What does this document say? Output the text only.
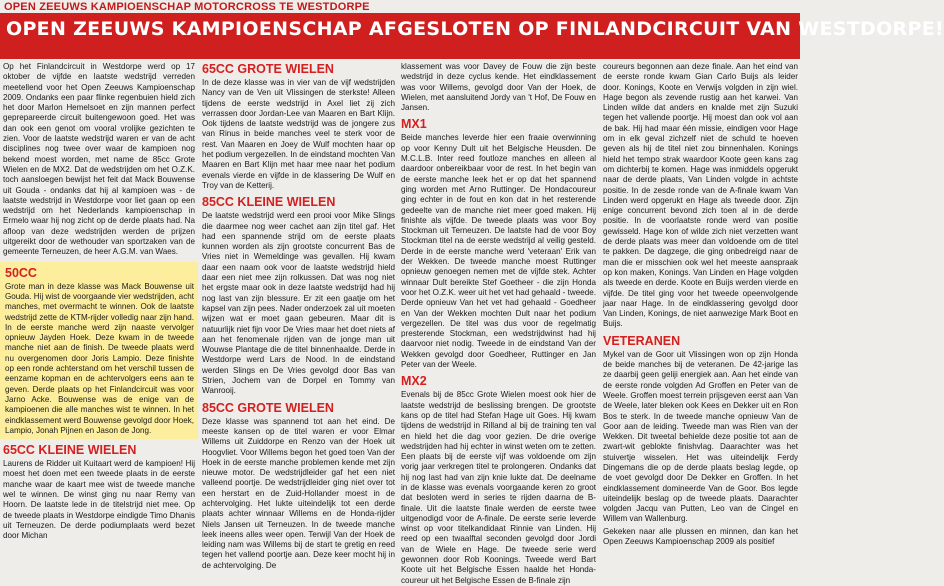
OPEN ZEEUWS KAMPIOENSCHAP MOTORCROSS TE WESTDORPE
OPEN ZEEUWS KAMPIOENSCHAP AFGESLOTEN OP FINLANDCIRCUIT VAN WESTDORPE!

Op het Finlandcircuit in Westdorpe werd op 17 oktober de vijfde en laatste wedstrijd verreden meetellend voor het Open Zeeuws Kampioenschap 2009. Ondanks een paar flinke regenbuien hield zich het door Marlon Hemelsoet en zijn mannen perfect geprepareerde circuit buitengewoon goed. Het was dan ook een genot om vooral vrolijke gezichten te zien. Voor de laatste wedstrijd waren er van de acht disciplines nog twee over waar de kampioen nog bekend moest worden, met name de 85cc Grote Wielen en de MX2. Dat de wedstrijden om het O.Z.K. toch aansloegen bewijst het feit dat Mack Bouwense uit Gouda - ondanks dat hij al kampioen was - de laatste wedstrijd in Westdorpe voor liet gaan op een wedstrijd om het Nederlands kampioenschap in Ermelo waar hij nog zicht op de derde plaats had. Na afloop van deze wedstrijden werden de prijzen uitgereikt door de wethouder van sportzaken van de gemeente Terneuzen, de heer A.G.M. van Waes.

50CC

Grote man in deze klasse was Mack Bouwense uit Gouda. Hij wist de voorgaande vier wedstrijden, acht manches, met overmacht te winnen. Ook de laatste wedstrijd zette de KTM-rijder volledig naar zijn hand. In de eerste manche werd zijn naaste vervolger opnieuw Jayden Hoek. Deze kwam in de tweede manche niet aan de finish. De tweede plaats werd nu overgenomen door Joris Lampio. Deze finishte op een ronde achterstand om het verschil tussen de eenzame kopman en de achtervolgers eens aan te geven. Derde plaats op het Finlandcircuit was voor Jarno Acke. Bouwense was de enige van de kampioenen die alle manches wist te winnen. In het eindklassement werd Bouwense gevolgd door Hoek, Lampio, Jonah Pijnen en Jason de Jong.

65CC KLEINE WIELEN

Laurens de Ridder uit Kuitaart werd de kampioen! Hij moest het doen met een tweede plaats in de eerste manche waar de kaart mee wist de tweede manche wel te winnen. De winst ging nu naar Remy van Hoorn. De laatste lede in de titelstrijd niet mee. Op de tweede plaats in Westdorpe eindigde Timo Dhanis uit Terneuzen. De derde podiumplaats werd bezet door Michan

65CC GROTE WIELEN

In de deze klasse was in vier van de vijf wedstrijden Nancy van de Ven uit Vlissingen de sterkste! Alleen tijdens de eerste wedstrijd in Axel liet zij zich verrassen door Jordan-Lee van Maaren en Bart Klijn. Ook tijdens de laatste wedstrijd was de jongere zus van Rinus in beide manches veel te sterk voor de rest. Van Maaren en Joey de Wulf mochten haar op het podium vergezellen. In de eindstand mochten Van Maaren en Bart Klijn met haar mee naar het podium evenals vierde en vijfde in de klassering De Wulf en Troy van de Ketterij.

85CC KLEINE WIELEN

De laatste wedstrijd werd een prooi voor Mike Slings die daarmee nog weer cachet aan zijn titel gaf. Het had een spannende strijd om de eerste plaats kunnen worden als zijn grootste concurrent Bas de Vries niet in Wemeldinge was gevallen. Hij kwam daar een naam ook voor de laatste wedstrijd hield daar een niet mee zijn rolkussen. Dat was nog niet het ergste maar ook in deze laatste wedstrijd had hij nog last van zijn blessure. Er zit een gaatje om het kapsel van zijn pees. Nader onderzoek zal uit moeten wijzen wat er moet gaan gebeuren. Maar dit is natuurlijk niet fijn voor De Vries maar het doet niets af aan het fenomenale rijden van de jonge man uit Wouwse Plantage die de titel binnenhaalde. Derde in Westdorpe werd Lars de Nood. In de eindstand werden Slings en De Vries gevolgd door Bas van Strien, Jochem van de Dorpel en Tommy van Wanrooij.

85CC GROTE WIELEN

Deze klasse was spannend tot aan het eind. De meeste kansen op de titel waren er voor Elmar Willems uit Zuiddorpe en Renzo van der Hoek uit Hoogvliet. Voor Willems begon het goed toen Van der Hoek in de eerste manche problemen kende met zijn nieuwe motor. De wedstrijdleider gaf het een niet valleend poortje. De wedstrijdleider ging niet over tot een herstart en de Zuid-Hollander moest in de achtervolging. Het lukte uiteindelijk tot een derde plaats achter winnaar Willems en de Honda-rijder Niels Jansen uit Terneuzen. In de tweede manche leek ineens alles weer open. Terwijl Van der Hoek de leiding nam was Willems bij de start te gretig en reed tegen het vallend poortje aan. Deze keer mocht hij in de achtervolging. De

klassement was voor Davey de Fouw die zijn beste wedstrijd in deze cyclus kende. Het eindklassement was voor Willems, gevolgd door Van der Hoek, de Wielen, met aansluitend Jordy van 't Hof, De Fouw en Jansen.

MX1

Beide manches leverde hier een fraaie overwinning op voor Kenny Dult uit het Belgische Heusden. De M.C.L.B. Inter reed foutloze manches en alleen al daardoor onbereikbaar voor de rest. In het begin van de eerste manche leek het er op dat het spannend ging worden met Arno Ruttinger. De Hondacoureur ging echter in de fout en kon dat in het resterende gedeelte van de manche niet meer goed maken. Hij finishte als vijfde. De tweede plaats was voor Boy Stockman uit Terneuzen. De laatste had de voor Boy Stockman titel na de eerste wedstrijd al veilig gesteld. Derde in de eerste manche werd 'veteraan' Erik van der Wekken. De tweede manche moest Ruttinger opnieuw genoegen nemen met de vijfde stek. Achter winnaar Dult bereikte Stef Goetheer - die zijn Honda voor het O.Z.K. weer uit het vet had gehaald - tweede. Derde opnieuw Van het vet had gehaald - Goedheer en Van der Wekken mochten Dult naar het podium vergezellen. De titel was dus voor de regelmatig presterende Stockman, een wedstrijdwinst had hij daarvoor niet nodig. Tweede in de eindstand Van der Wekken gevolgd door Goedheer, Ruttinger en Jan Peter van der Weele.

MX2

Evenals bij de 85cc Grote Wielen moest ook hier de laatste wedstrijd de beslissing brengen. De grootste kans op de titel had Stefan Hage uit Goes. Hij kwam tijdens de wedstrijd in Rilland al bij de training ten val en hield het die dag voor gezien. De drie overige wedstrijden had hij echter in winst weten om te zetten. Een plaats bij de eerste vijf was voldoende om zijn vorig jaar verkregen titel te prolongeren. Ondanks dat hij nog last had van zijn knie lukte dat. De deelname in de klasse was evenals voorgaande keren zo groot dat besloten werd in series te rijden daarna de B-finale. Uit die laatste finale werden de eerste twee uitgenodigd voor de A-finale. De eerste serie leverde winst op voor titelkandidaat Rinnie van Linden. Hij reed op een twaalftal seconden gevolgd door Jordi van de Wiele en Hage. De tweede serie werd gewonnen door Rob Koonings. Tweede werd Bart Koote uit het Belgische Essen haalde het Honda-coureur uit het Belgische Essen de B-finale zijn

coureurs begonnen aan deze finale. Aan het eind van de eerste ronde kwam Gian Carlo Buijs als leider door. Konings, Koote en Verwijs volgden in zijn wiel. Hage begon als zevende rustig aan het karwei. Van Linden wilde dat anders en knalde met zijn Suzuki tegen het vallende poortje. Hij moest dan ook vol aan de bak. Hij had maar één missie, eindigen voor Hage om in elk geval zichzelf niet de schuld te hoeven geven als hij de titel niet zou binnenhalen. Konings hield het tempo strak waardoor Koote geen kans zag om dichterbij te komen. Hage was inmiddels opgerukt naar de derde plaats, Van Linden volgde in achtste positie. In de zesde ronde van de A-finale kwam Van Linden werd opgerukt en Hage als tweede door. Zijn enige concurrent bevond zich toen al in de derde positie. In de voorlaatste ronde werd van positie gewisseld. Hage kon of wilde zich niet verzetten want de derde plaats was meer dan voldoende om de titel te pakken. De dagzege, die ging onbedreigd naar de man die er misschien ook wel het meeste aanspraak op kon maken, Konings. Van Linden en Hage volgden als tweede en derde. Koote en Buijs werden vierde en vijfde. De titel ging voor het tweede opeenvolgende jaar naar Hage. In de eindklassering gevolgd door Van Linden, Konings, de niet aanwezige Mark Boot en Buijs.

VETERANEN

Mykel van de Goor uit Vlissingen won op zijn Honda de beide manches bij de veteranen. De 42-jarige las ze daarbij geen geliji energiek aan. Aan het einde van de eerste ronde volgden Ad Groffen en Peter van de Weele. Groffen moest terrein prijsgeven eerst aan Van de Weele, later bleken ook Kees en Dekker uit en Ron Bos te sterk. In de tweede manche opnieuw Van de Goor aan de leiding. Tweede man was Rien van der Wekken. Dit tweetal behielde deze positie tot aan de zwart-wit geblokte finishvlag. Daarachter was het stuivertje wisselen. Het was uiteindelijk Ferdy Dingemans die op de derde plaats beslag legde, op de voet gevolgd door De Dekker en Groffen. In het eindklassement domineerde Van de Goor. Bos legde uiteindelijk beslag op de tweede plaats. Daarachter volgden Jacqu van Putten, Leo van de Cingel en Willem van Wallenburg.

Gekeken naar alle plussen en minnen, dan kan het Open Zeeuws Kampioenschap 2009 als positief
